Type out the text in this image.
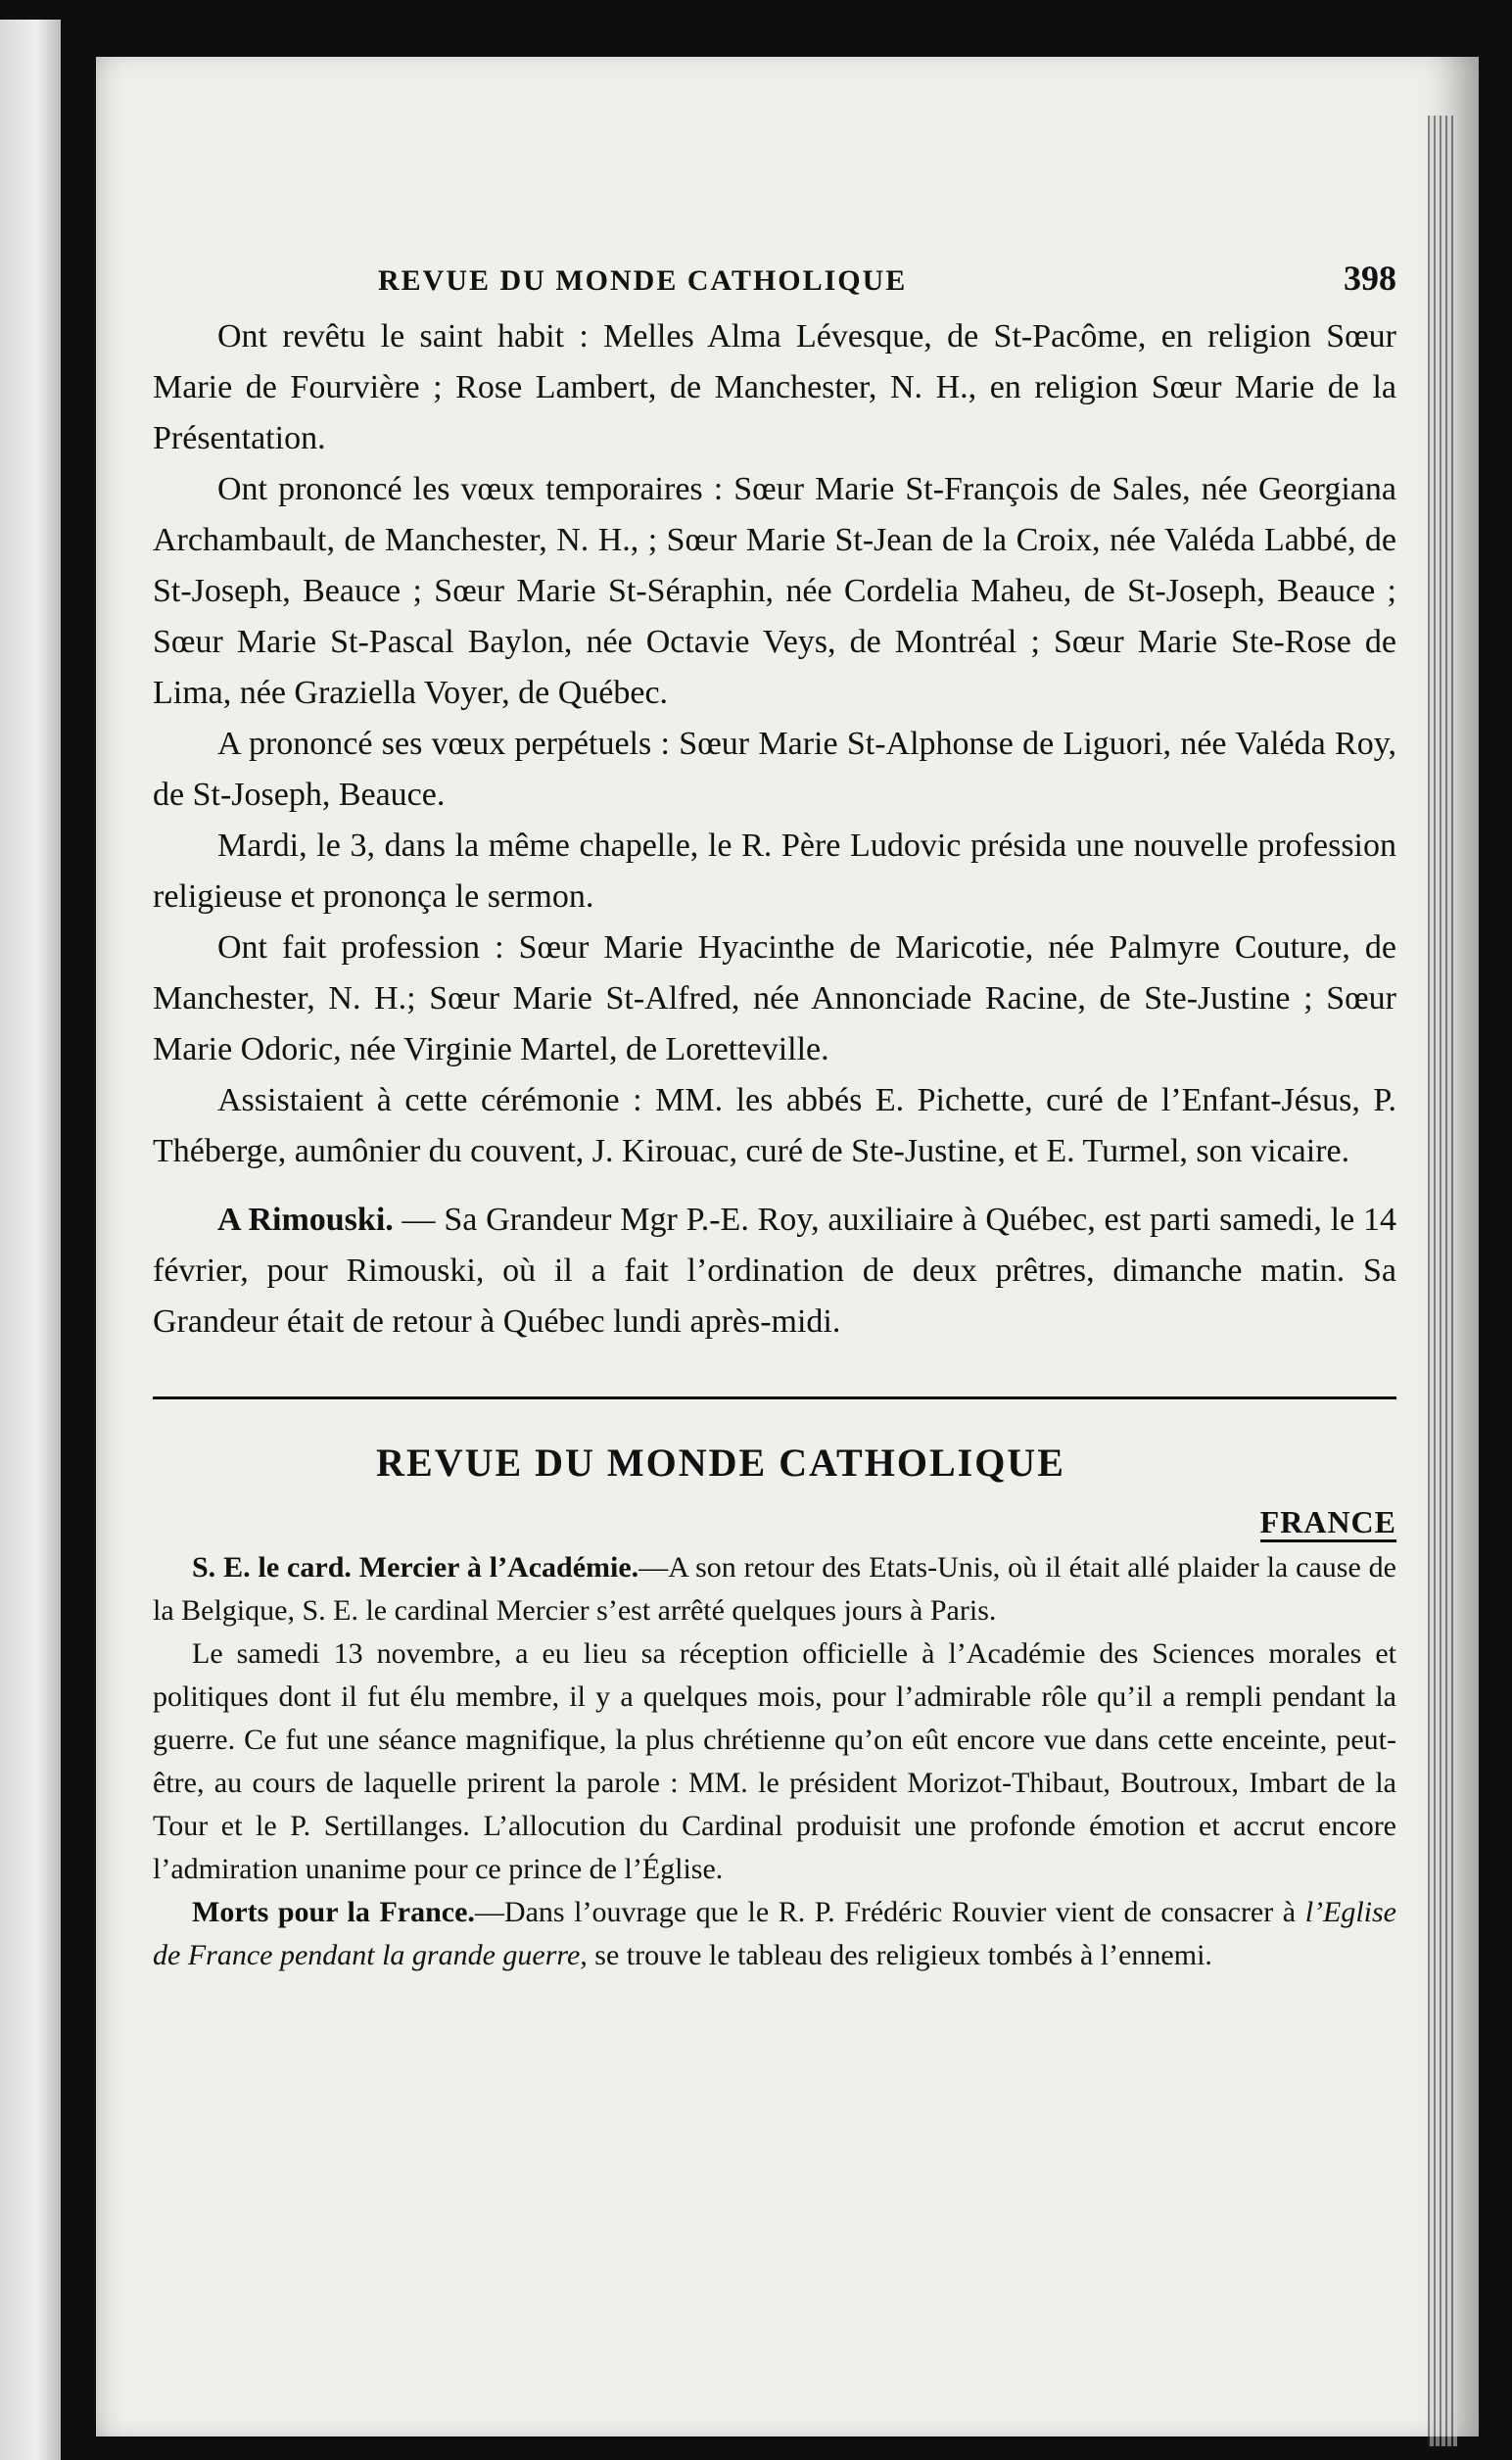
REVUE DU MONDE CATHOLIQUE	398

Ont revêtu le saint habit : Melles Alma Lévesque, de St-Pacôme, en religion Sœur Marie de Fourvière ; Rose Lambert, de Manchester, N. H., en religion Sœur Marie de la Présentation.

Ont prononcé les vœux temporaires : Sœur Marie St-François de Sales, née Georgiana Archambault, de Manchester, N. H., ; Sœur Marie St-Jean de la Croix, née Valéda Labbé, de St-Joseph, Beauce ; Sœur Marie St-Séraphin, née Cordelia Maheu, de St-Joseph, Beauce ; Sœur Marie St-Pascal Baylon, née Octavie Veys, de Montréal ; Sœur Marie Ste-Rose de Lima, née Graziella Voyer, de Québec.

A prononcé ses vœux perpétuels : Sœur Marie St-Alphonse de Liguori, née Valéda Roy, de St-Joseph, Beauce.

Mardi, le 3, dans la même chapelle, le R. Père Ludovic présida une nouvelle profession religieuse et prononça le sermon.

Ont fait profession : Sœur Marie Hyacinthe de Maricotie, née Palmyre Couture, de Manchester, N. H.; Sœur Marie St-Alfred, née Annonciade Racine, de Ste-Justine ; Sœur Marie Odoric, née Virginie Martel, de Loretteville.

Assistaient à cette cérémonie : MM. les abbés E. Pichette, curé de l’Enfant-Jésus, P. Théberge, aumônier du couvent, J. Kirouac, curé de Ste-Justine, et E. Turmel, son vicaire.

A Rimouski. — Sa Grandeur Mgr P.-E. Roy, auxiliaire à Québec, est parti samedi, le 14 février, pour Rimouski, où il a fait l’ordination de deux prêtres, dimanche matin. Sa Grandeur était de retour à Québec lundi après-midi.

REVUE DU MONDE CATHOLIQUE
FRANCE

S. E. le card. Mercier à l’Académie.—A son retour des Etats-Unis, où il était allé plaider la cause de la Belgique, S. E. le cardinal Mercier s’est arrêté quelques jours à Paris.

Le samedi 13 novembre, a eu lieu sa réception officielle à l’Académie des Sciences morales et politiques dont il fut élu membre, il y a quelques mois, pour l’admirable rôle qu’il a rempli pendant la guerre. Ce fut une séance magnifique, la plus chrétienne qu’on eût encore vue dans cette enceinte, peut-être, au cours de laquelle prirent la parole : MM. le président Morizot-Thibaut, Boutroux, Imbart de la Tour et le P. Sertillanges. L’allocution du Cardinal produisit une profonde émotion et accrut encore l’admiration unanime pour ce prince de l’Église.

Morts pour la France.—Dans l’ouvrage que le R. P. Frédéric Rouvier vient de consacrer à l’Eglise de France pendant la grande guerre, se trouve le tableau des religieux tombés à l’ennemi.
